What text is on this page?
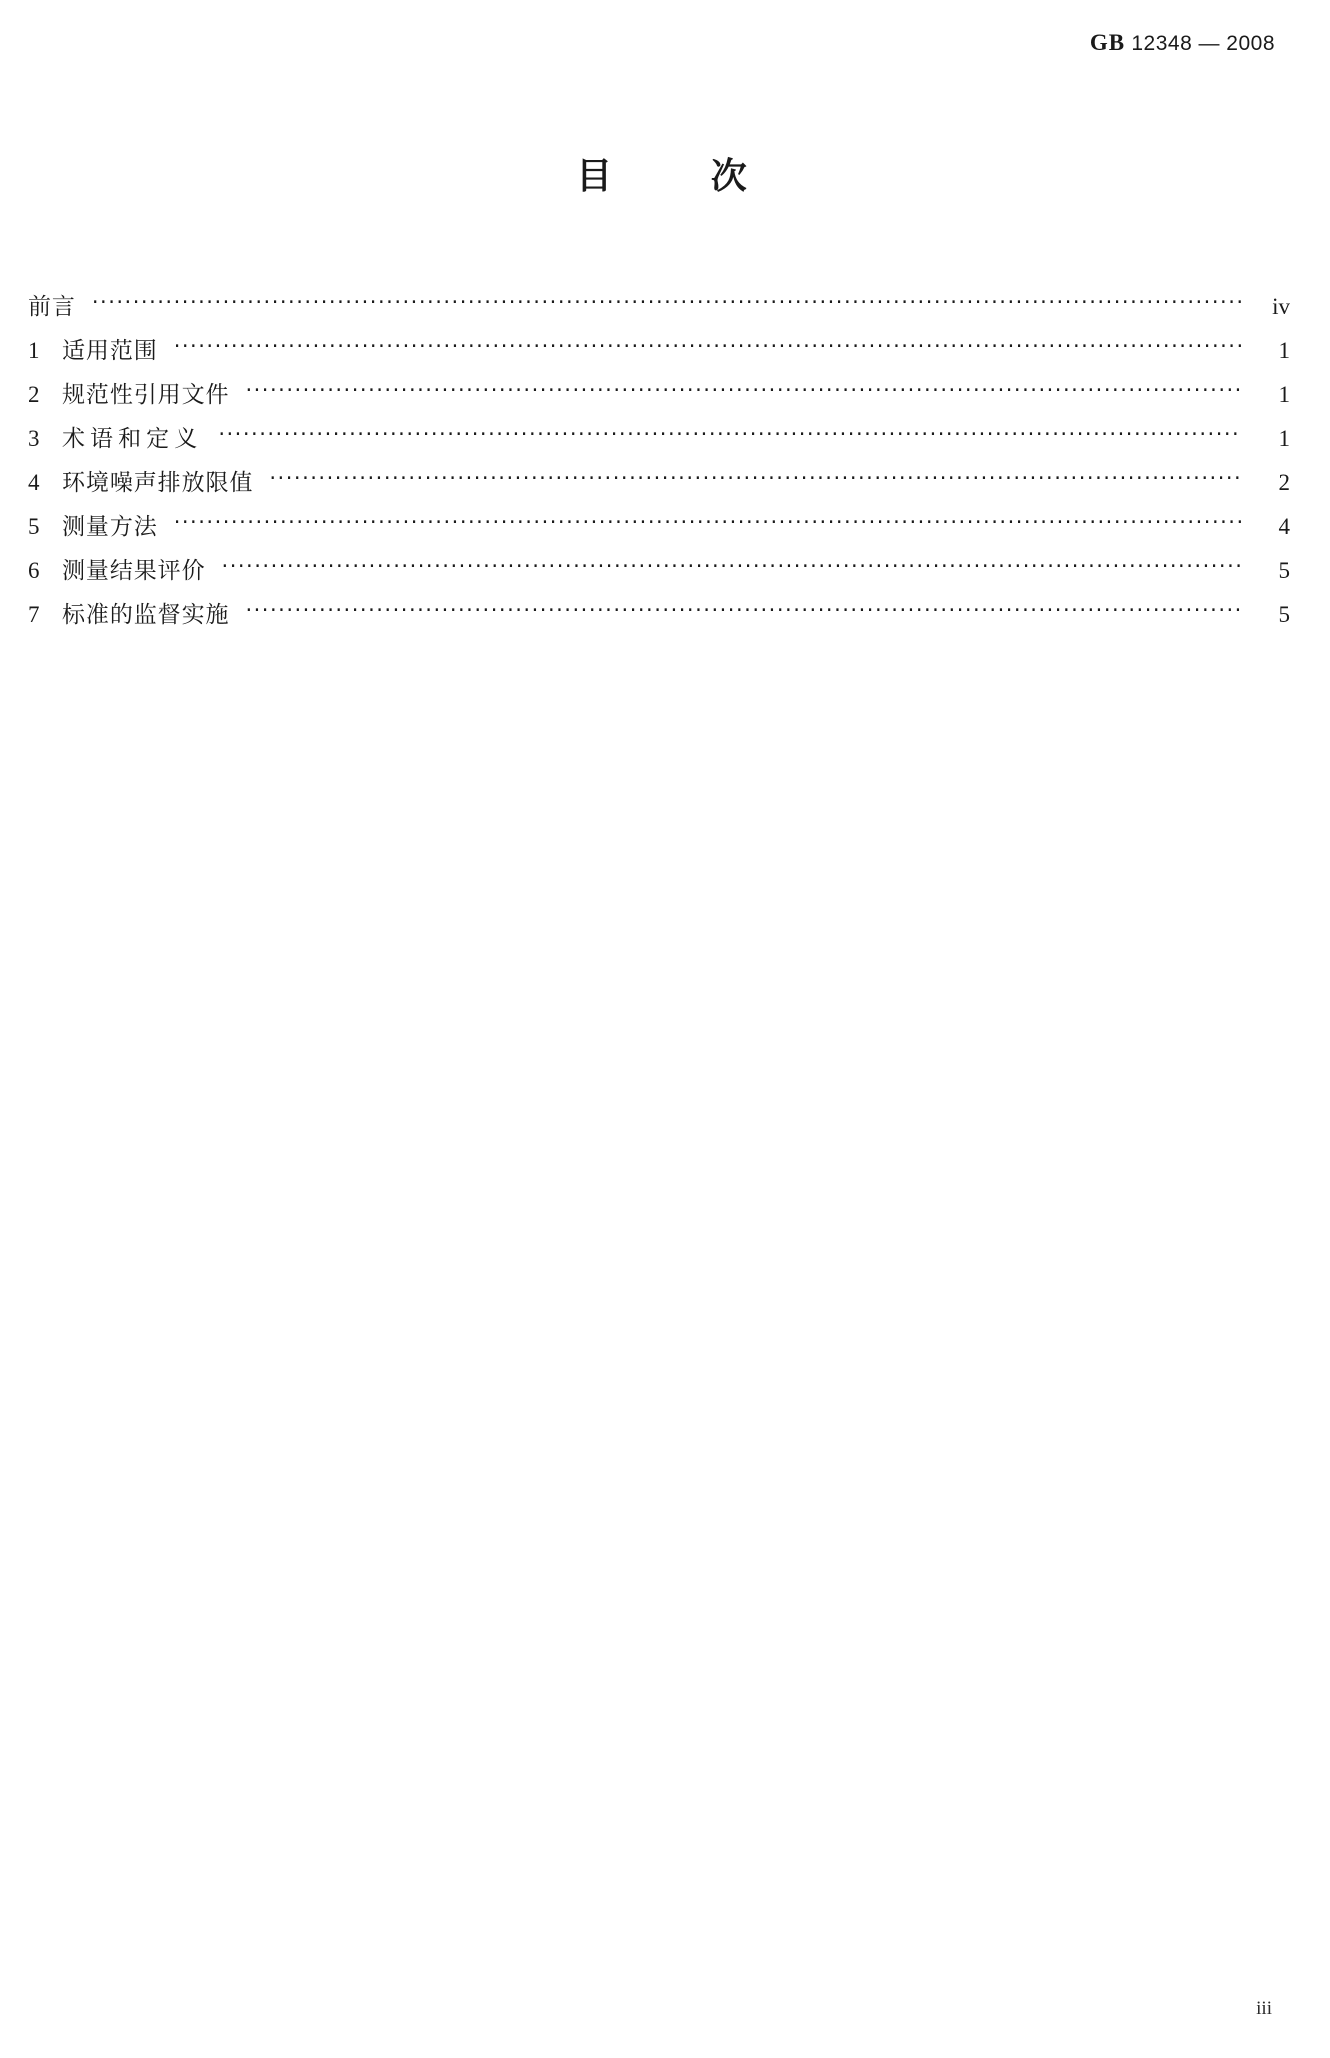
GB 12348 — 2008
目	次
前言 ·····	iv
1 适用范围 ·····	1
2 规范性引用文件 ·····	1
3 术语和定义 ·····	1
4 环境噪声排放限值 ·····	2
5 测量方法 ·····	4
6 测量结果评价 ·····	5
7 标准的监督实施 ·····	5
iii
